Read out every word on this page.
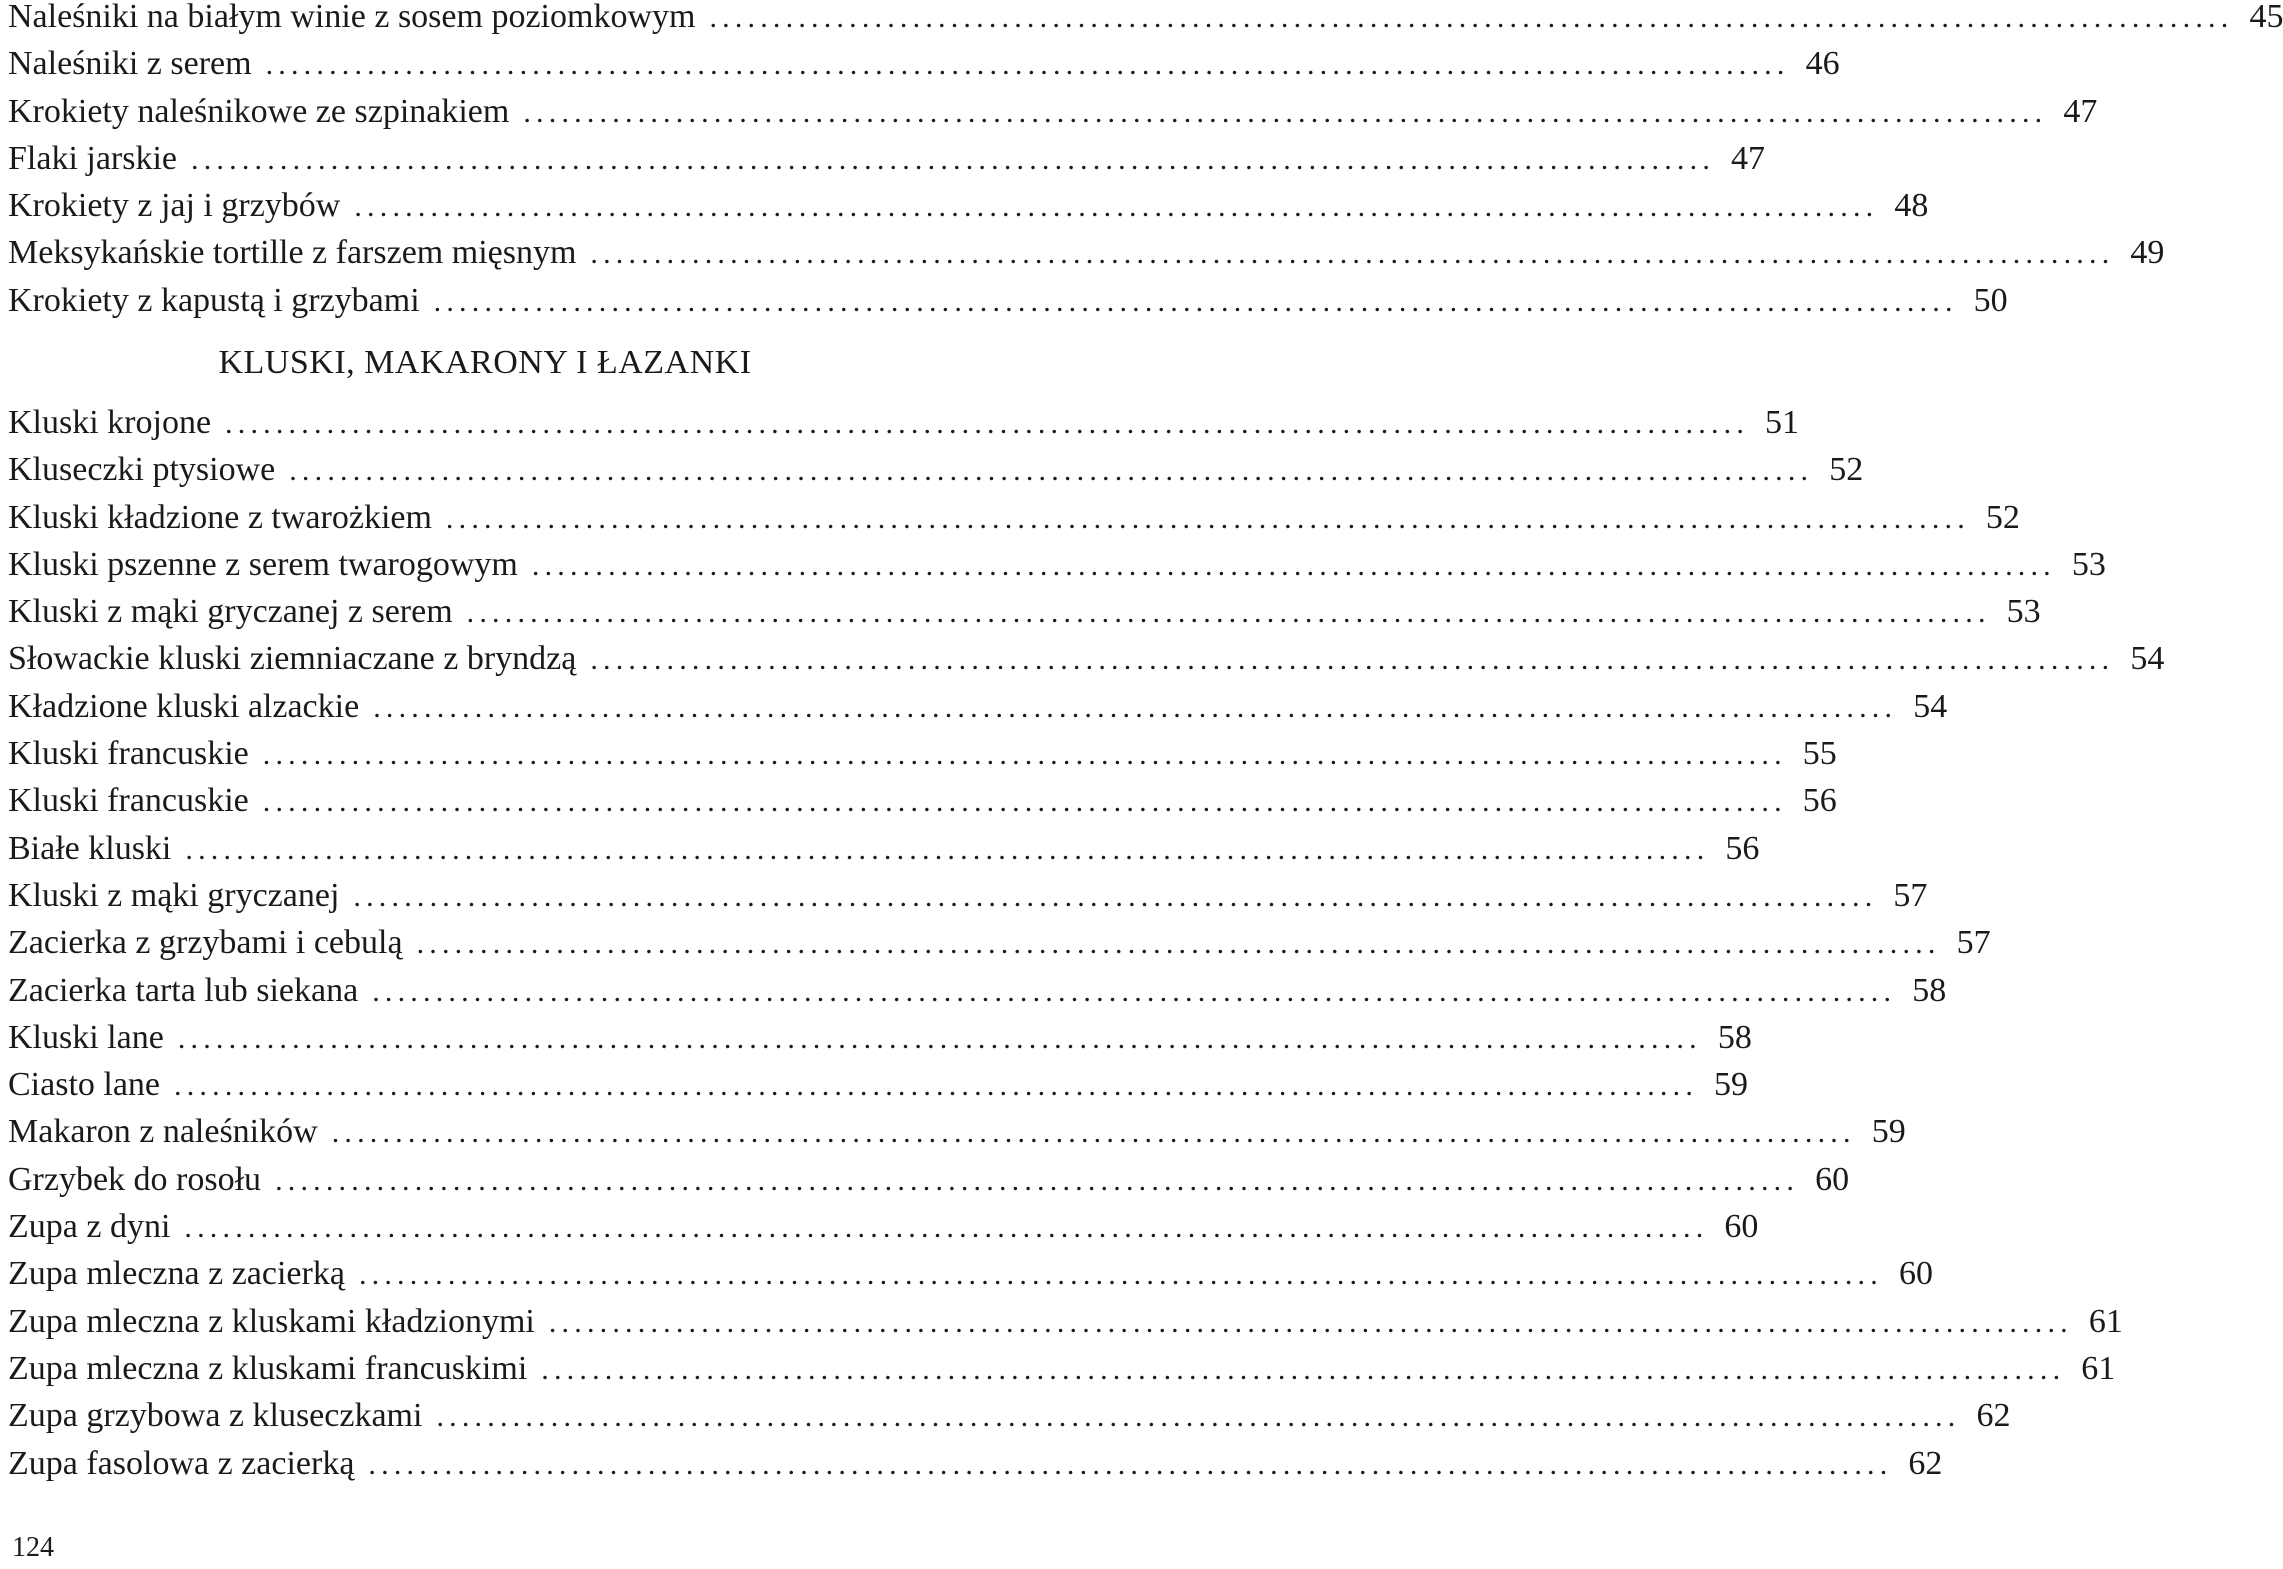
Naleśniki na białym winie z sosem poziomkowym ........................................................................................................................ 45
Naleśniki z serem ........................................................................................................................ 46
Krokiety naleśnikowe ze szpinakiem ........................................................................................................................ 47
Flaki jarskie ........................................................................................................................ 47
Krokiety z jaj i grzybów ........................................................................................................................ 48
Meksykańskie tortille z farszem mięsnym ........................................................................................................................ 49
Krokiety z kapustą i grzybami ........................................................................................................................ 50
KLUSKI, MAKARONY I ŁAZANKI
Kluski krojone ........................................................................................................................ 51
Kluseczki ptysiowe ........................................................................................................................ 52
Kluski kładzione z twarożkiem ........................................................................................................................ 52
Kluski pszenne z serem twarogowym ........................................................................................................................ 53
Kluski z mąki gryczanej z serem ........................................................................................................................ 53
Słowackie kluski ziemniaczane z bryndzą ........................................................................................................................ 54
Kładzione kluski alzackie ........................................................................................................................ 54
Kluski francuskie ........................................................................................................................ 55
Kluski francuskie ........................................................................................................................ 56
Białe kluski ........................................................................................................................ 56
Kluski z mąki gryczanej ........................................................................................................................ 57
Zacierka z grzybami i cebulą ........................................................................................................................ 57
Zacierka tarta lub siekana ........................................................................................................................ 58
Kluski lane ........................................................................................................................ 58
Ciasto lane ........................................................................................................................ 59
Makaron z naleśników ........................................................................................................................ 59
Grzybek do rosołu ........................................................................................................................ 60
Zupa z dyni ........................................................................................................................ 60
Zupa mleczna z zacierką ........................................................................................................................ 60
Zupa mleczna z kluskami kładzionymi ........................................................................................................................ 61
Zupa mleczna z kluskami francuskimi ........................................................................................................................ 61
Zupa grzybowa z kluseczkami ........................................................................................................................ 62
Zupa fasolowa z zacierką ........................................................................................................................ 62
124
